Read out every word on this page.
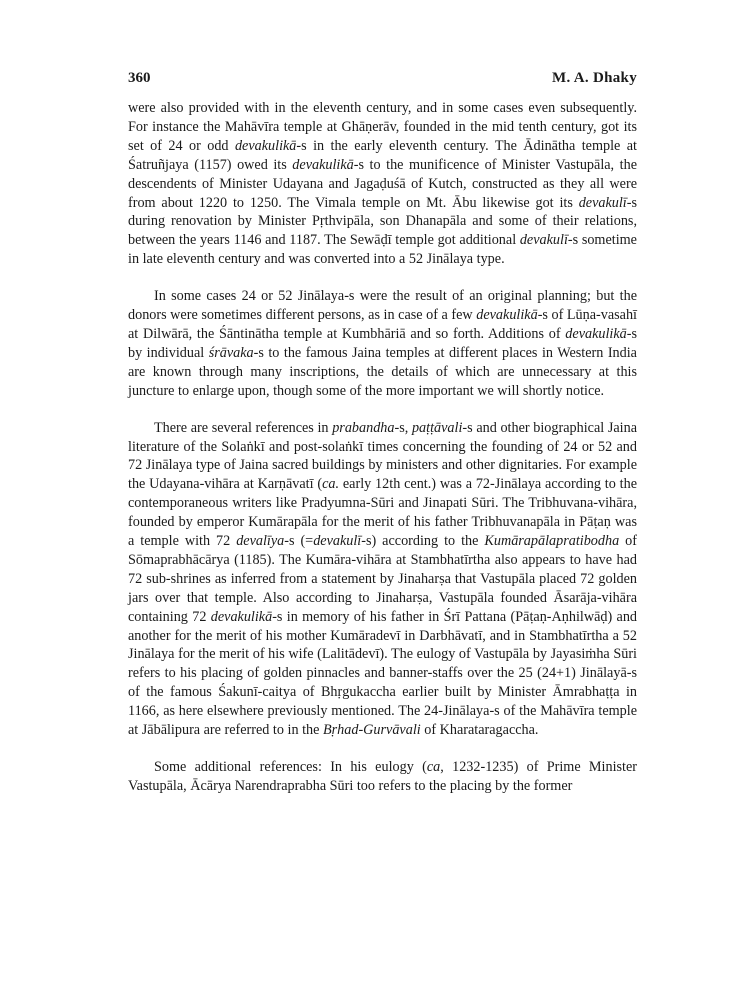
360	M. A. Dhaky

were also provided with in the eleventh century, and in some cases even subsequently. For instance the Mahāvīra temple at Ghāṇerāv, founded in the mid tenth century, got its set of 24 or odd devakulikā-s in the early eleventh century. The Ādinātha temple at Śatruñjaya (1157) owed its devakulikā-s to the munificence of Minister Vastupāla, the descendents of Minister Udayana and Jagaḍuśā of Kutch, constructed as they all were from about 1220 to 1250. The Vimala temple on Mt. Ābu likewise got its devakulī-s during renovation by Minister Pṛthvipāla, son Dhanapāla and some of their relations, between the years 1146 and 1187. The Sewāḍī temple got additional devakulī-s sometime in late eleventh century and was converted into a 52 Jinālaya type.

In some cases 24 or 52 Jinālaya-s were the result of an original planning; but the donors were sometimes different persons, as in case of a few devakulikā-s of Lūṇa-vasahī at Dilwārā, the Śāntinātha temple at Kumbhāriā and so forth. Additions of devakulikā-s by individual śrāvaka-s to the famous Jaina temples at different places in Western India are known through many inscriptions, the details of which are unnecessary at this juncture to enlarge upon, though some of the more important we will shortly notice.

There are several references in prabandha-s, paṭṭāvali-s and other biographical Jaina literature of the Solaṅkī and post-solaṅkī times concerning the founding of 24 or 52 and 72 Jinālaya type of Jaina sacred buildings by ministers and other dignitaries. For example the Udayana-vihāra at Karṇāvatī (ca. early 12th cent.) was a 72-Jinālaya according to the contemporaneous writers like Pradyumna-Sūri and Jinapati Sūri. The Tribhuvana-vihāra, founded by emperor Kumārapāla for the merit of his father Tribhuvanapāla in Pāṭaṇ was a temple with 72 devalīya-s (=devakulī-s) according to the Kumārapālapratibodha of Sōmaprabhācārya (1185). The Kumāra-vihāra at Stambhatīrtha also appears to have had 72 sub-shrines as inferred from a statement by Jinaharṣa that Vastupāla placed 72 golden jars over that temple. Also according to Jinaharṣa, Vastupāla founded Āsarāja-vihāra containing 72 devakulikā-s in memory of his father in Śrī Pattana (Pāṭaṇ-Aṇhilwāḍ) and another for the merit of his mother Kumāradevī in Darbhāvatī, and in Stambhatīrtha a 52 Jinālaya for the merit of his wife (Lalitādevī). The eulogy of Vastupāla by Jayasiṁha Sūri refers to his placing of golden pinnacles and banner-staffs over the 25 (24+1) Jinālayā-s of the famous Śakunī-caitya of Bhṛgukaccha earlier built by Minister Āmrabhaṭṭa in 1166, as here elsewhere previously mentioned. The 24-Jinālaya-s of the Mahāvīra temple at Jābālipura are referred to in the Bṛhad-Gurvāvali of Kharataragaccha.

Some additional references: In his eulogy (ca, 1232-1235) of Prime Minister Vastupāla, Ācārya Narendraprabha Sūri too refers to the placing by the former
